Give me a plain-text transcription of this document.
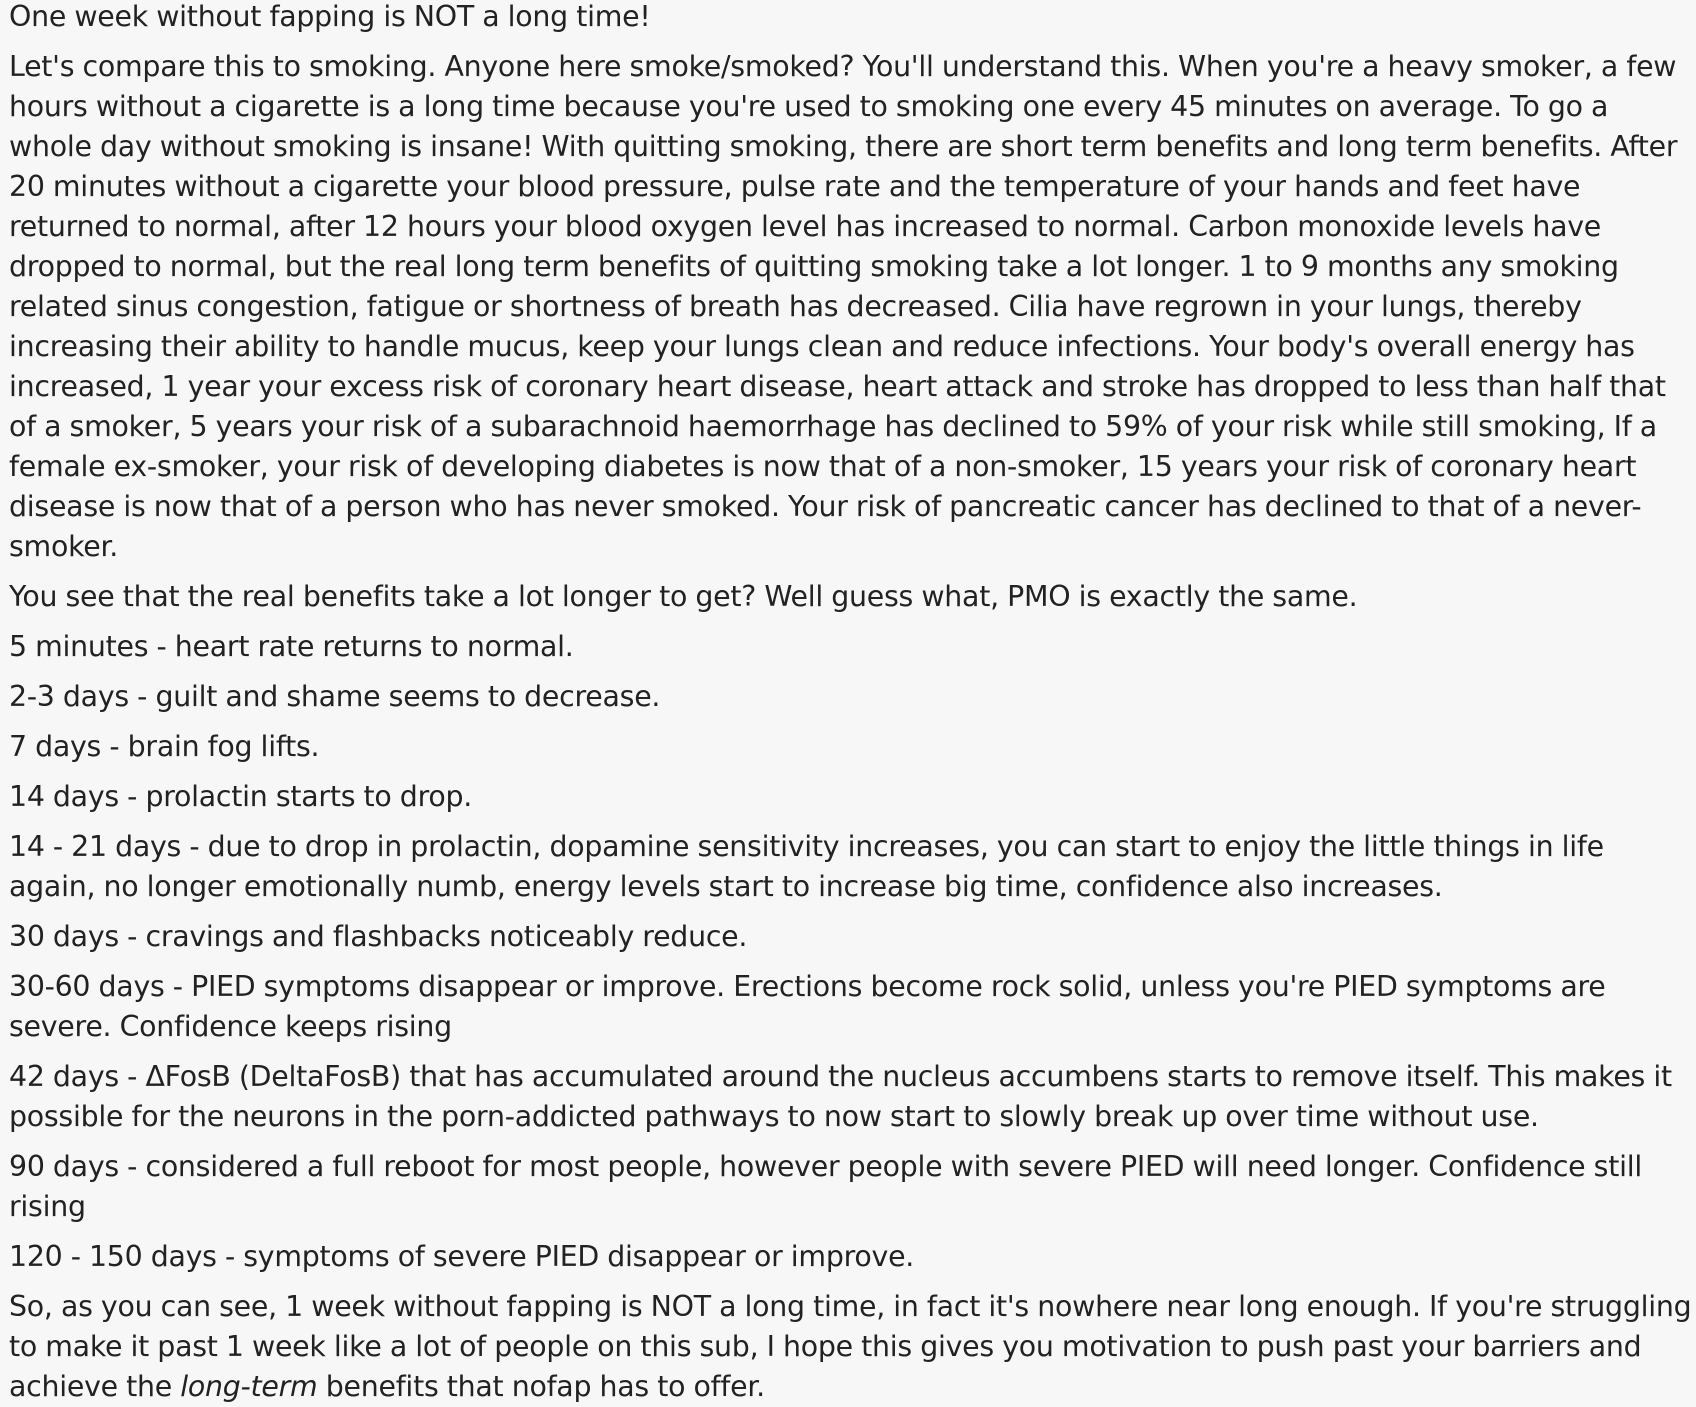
One week without fapping is NOT a long time!

Let's compare this to smoking. Anyone here smoke/smoked? You'll understand this. When you're a heavy smoker, a few hours without a cigarette is a long time because you're used to smoking one every 45 minutes on average. To go a whole day without smoking is insane! With quitting smoking, there are short term benefits and long term benefits. After 20 minutes without a cigarette your blood pressure, pulse rate and the temperature of your hands and feet have returned to normal, after 12 hours your blood oxygen level has increased to normal. Carbon monoxide levels have dropped to normal, but the real long term benefits of quitting smoking take a lot longer. 1 to 9 months any smoking related sinus congestion, fatigue or shortness of breath has decreased. Cilia have regrown in your lungs, thereby increasing their ability to handle mucus, keep your lungs clean and reduce infections. Your body's overall energy has increased, 1 year your excess risk of coronary heart disease, heart attack and stroke has dropped to less than half that of a smoker, 5 years your risk of a subarachnoid haemorrhage has declined to 59% of your risk while still smoking, If a female ex-smoker, your risk of developing diabetes is now that of a non-smoker, 15 years your risk of coronary heart disease is now that of a person who has never smoked. Your risk of pancreatic cancer has declined to that of a never-smoker.

You see that the real benefits take a lot longer to get? Well guess what, PMO is exactly the same.

5 minutes - heart rate returns to normal.

2-3 days - guilt and shame seems to decrease.

7 days - brain fog lifts.

14 days - prolactin starts to drop.

14 - 21 days - due to drop in prolactin, dopamine sensitivity increases, you can start to enjoy the little things in life again, no longer emotionally numb, energy levels start to increase big time, confidence also increases.

30 days - cravings and flashbacks noticeably reduce.

30-60 days - PIED symptoms disappear or improve. Erections become rock solid, unless you're PIED symptoms are severe. Confidence keeps rising

42 days - ΔFosB (DeltaFosB) that has accumulated around the nucleus accumbens starts to remove itself. This makes it possible for the neurons in the porn-addicted pathways to now start to slowly break up over time without use.

90 days - considered a full reboot for most people, however people with severe PIED will need longer. Confidence still rising

120 - 150 days - symptoms of severe PIED disappear or improve.

So, as you can see, 1 week without fapping is NOT a long time, in fact it's nowhere near long enough. If you're struggling to make it past 1 week like a lot of people on this sub, I hope this gives you motivation to push past your barriers and achieve the long-term benefits that nofap has to offer.
